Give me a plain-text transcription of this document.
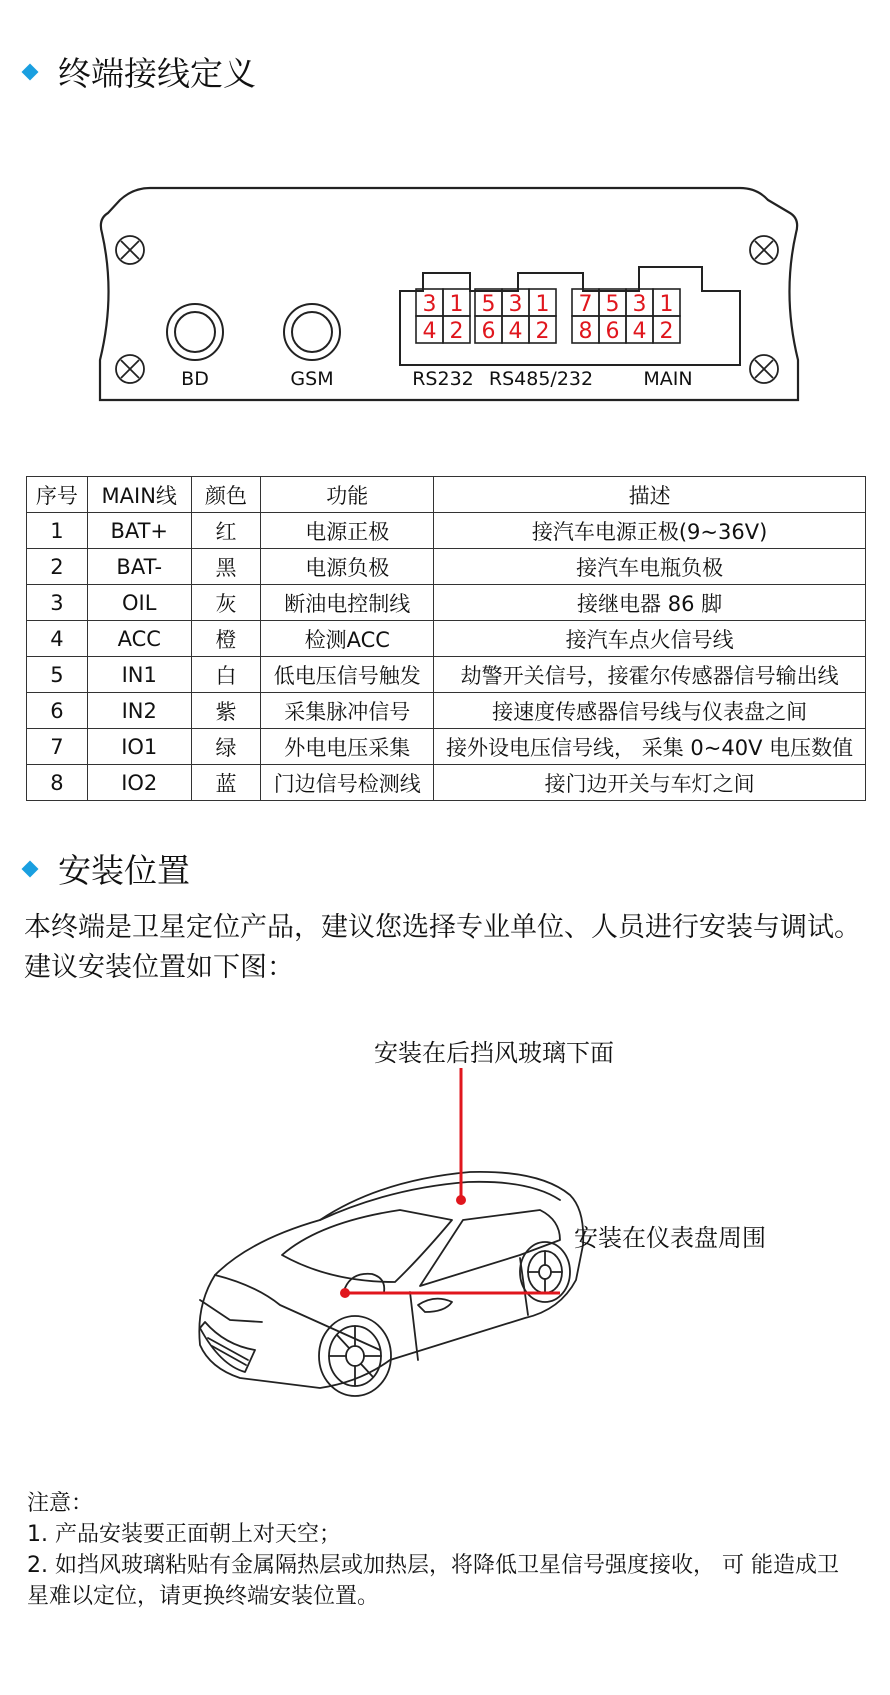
终端接线定义
BD	GSM
3 1
4 2
5 3 1
6 4 2
7 5 3 1
8 6 4 2
RS232 RS485/232	MAIN
序号	MAIN线	颜色	功能	描述
1	BAT+	红	电源正极	接汽车电源正极(9~36V)
2	BAT-	黑	电源负极	接汽车电瓶负极
3	OIL	灰	断油电控制线	接继电器 86 脚
4	ACC	橙	检测ACC	接汽车点火信号线
5	IN1	白	低电压信号触发	劫警开关信号，接霍尔传感器信号输出线
6	IN2	紫	采集脉冲信号	接速度传感器信号线与仪表盘之间
7	IO1	绿	外电电压采集	接外设电压信号线， 采集 0~40V 电压数值
8	IO2	蓝	门边信号检测线	接门边开关与车灯之间
安装位置

本终端是卫星定位产品，建议您选择专业单位、人员进行安装与调试。建议安装位置如下图：

安装在后挡风玻璃下面
安装在仪表盘周围
注意：
1. 产品安装要正面朝上对天空；
2. 如挡风玻璃粘贴有金属隔热层或加热层，将降低卫星信号强度接收， 可 能造成卫星难以定位，请更换终端安装位置。
